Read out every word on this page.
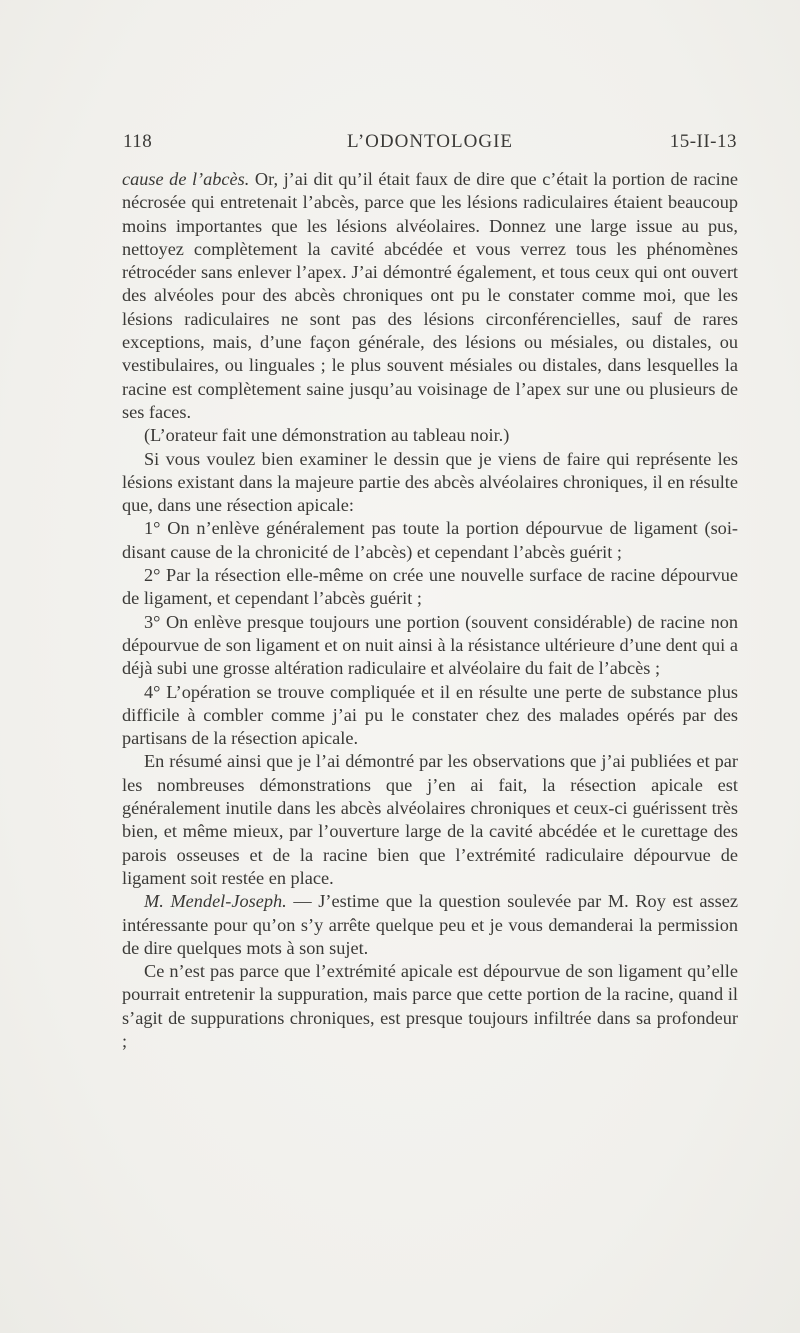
118	L’ODONTOLOGIE	15-II-13

cause de l’abcès. Or, j’ai dit qu’il était faux de dire que c’était la portion de racine nécrosée qui entretenait l’abcès, parce que les lésions radiculaires étaient beaucoup moins importantes que les lésions alvéolaires. Donnez une large issue au pus, nettoyez complètement la cavité abcédée et vous verrez tous les phénomènes rétrocéder sans enlever l’apex. J’ai démontré également, et tous ceux qui ont ouvert des alvéoles pour des abcès chroniques ont pu le constater comme moi, que les lésions radiculaires ne sont pas des lésions circonférencielles, sauf de rares exceptions, mais, d’une façon générale, des lésions ou mésiales, ou distales, ou vestibulaires, ou linguales ; le plus souvent mésiales ou distales, dans lesquelles la racine est complètement saine jusqu’au voisinage de l’apex sur une ou plusieurs de ses faces.

(L’orateur fait une démonstration au tableau noir.)

Si vous voulez bien examiner le dessin que je viens de faire qui représente les lésions existant dans la majeure partie des abcès alvéolaires chroniques, il en résulte que, dans une résection apicale:

1° On n’enlève généralement pas toute la portion dépourvue de ligament (soi-disant cause de la chronicité de l’abcès) et cependant l’abcès guérit ;

2° Par la résection elle-même on crée une nouvelle surface de racine dépourvue de ligament, et cependant l’abcès guérit ;

3° On enlève presque toujours une portion (souvent considérable) de racine non dépourvue de son ligament et on nuit ainsi à la résistance ultérieure d’une dent qui a déjà subi une grosse altération radiculaire et alvéolaire du fait de l’abcès ;

4° L’opération se trouve compliquée et il en résulte une perte de substance plus difficile à combler comme j’ai pu le constater chez des malades opérés par des partisans de la résection apicale.

En résumé ainsi que je l’ai démontré par les observations que j’ai publiées et par les nombreuses démonstrations que j’en ai fait, la résection apicale est généralement inutile dans les abcès alvéolaires chroniques et ceux-ci guérissent très bien, et même mieux, par l’ouverture large de la cavité abcédée et le curettage des parois osseuses et de la racine bien que l’extrémité radiculaire dépourvue de ligament soit restée en place.

M. Mendel-Joseph. — J’estime que la question soulevée par M. Roy est assez intéressante pour qu’on s’y arrête quelque peu et je vous demanderai la permission de dire quelques mots à son sujet.

Ce n’est pas parce que l’extrémité apicale est dépourvue de son ligament qu’elle pourrait entretenir la suppuration, mais parce que cette portion de la racine, quand il s’agit de suppurations chroniques, est presque toujours infiltrée dans sa profondeur ;
